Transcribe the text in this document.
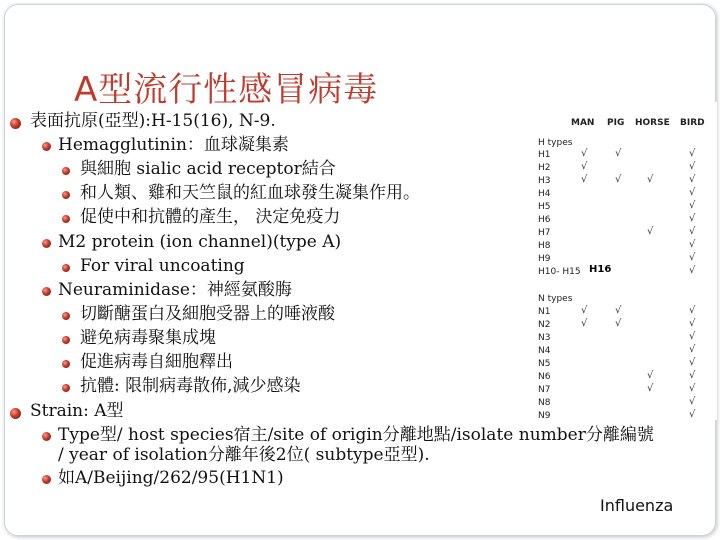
A型流行性感冒病毒
表面抗原(亞型):H-15(16), N-9.
Hemagglutinin：血球凝集素
與細胞 sialic acid receptor結合
和人類、雞和天竺鼠的紅血球發生凝集作用。
促使中和抗體的產生， 決定免疫力
M2 protein (ion channel)(type A)
For viral uncoating
Neuraminidase：神經氨酸脢
切斷醣蛋白及細胞受器上的唾液酸
避免病毒聚集成塊
促進病毒自細胞釋出
抗體: 限制病毒散佈,減少感染
Strain: A型
Type型/ host species宿主/site of origin分離地點/isolate number分離編號
/ year of isolation分離年後2位( subtype亞型).
如A/Beijing/262/95(H1N1)
MAN PIG HORSE BIRD
H types
H1
H2
H3
H4
H5
H6
H7
H8
H9
H10- H15 H16
N types
N1
N2
N3
N4
N5
N6
N7
N8
N9
√
√
√
√
√
√
√
√
√
√
√
√
√
√
√
√
√
√
√
√
√
√
√
√
√
√
√
√
√
√
√
√
Influenza
